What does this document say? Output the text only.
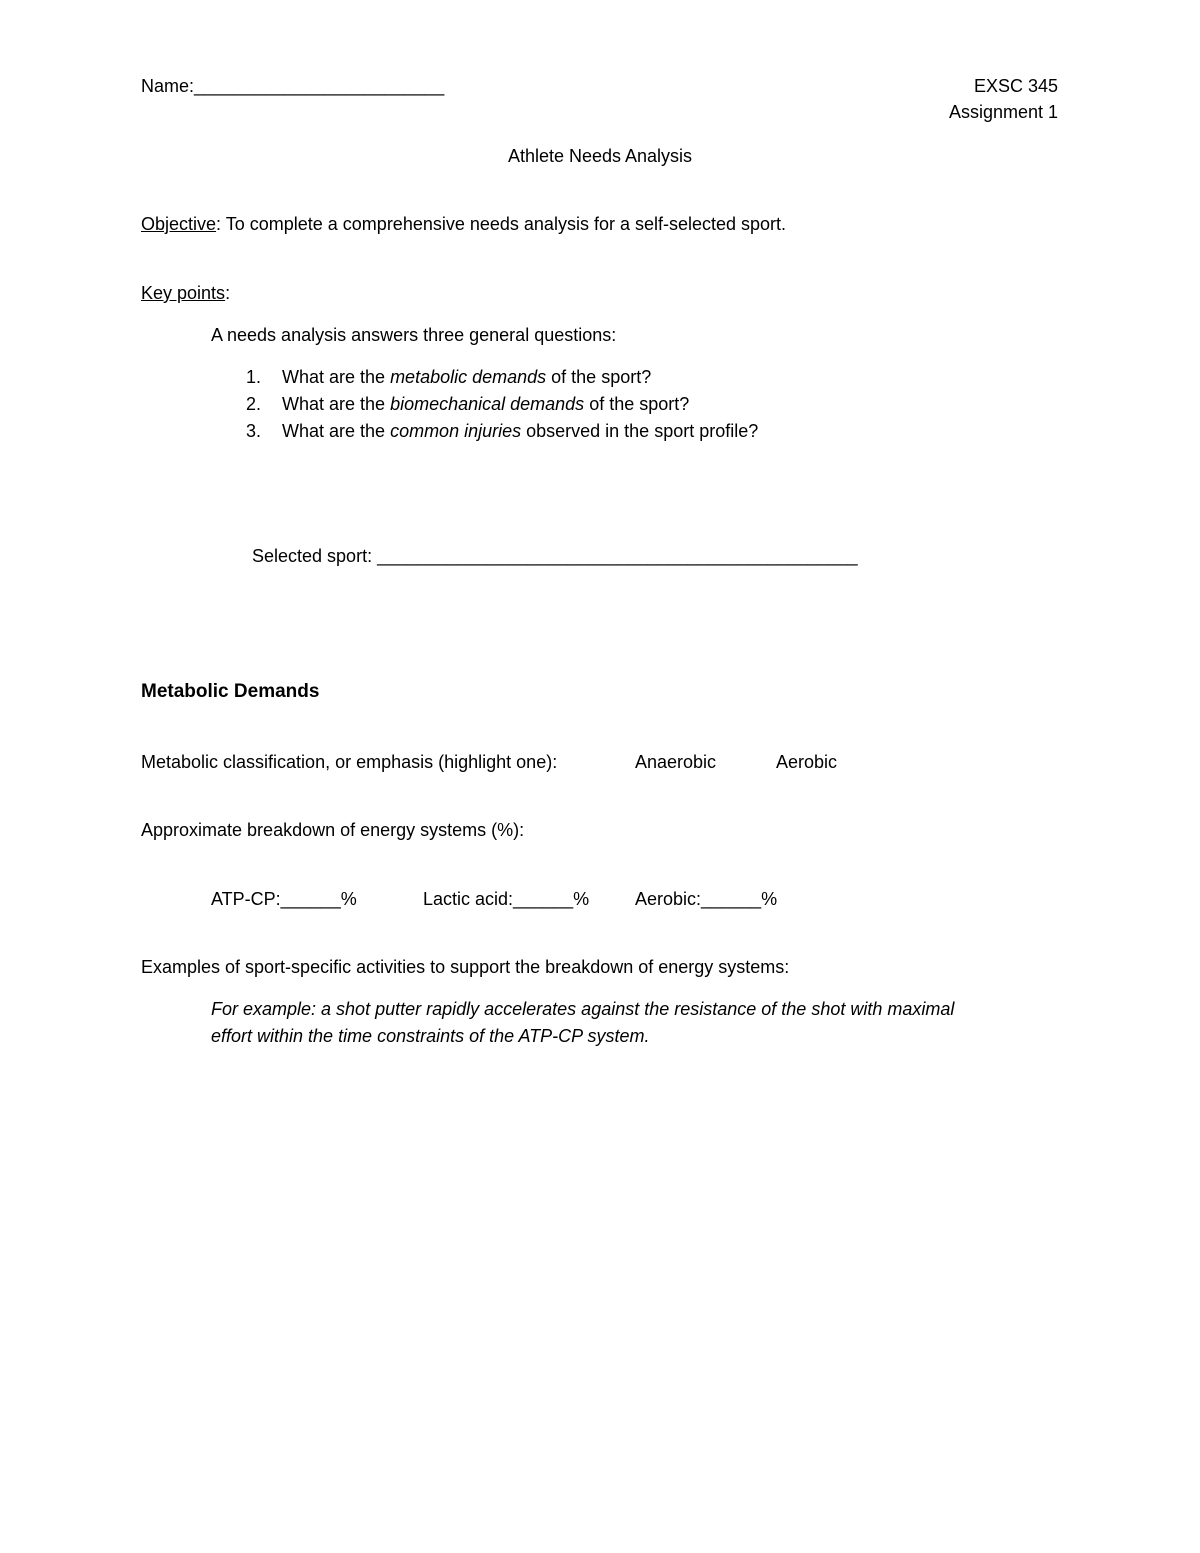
Name:_________________________	EXSC 345
Assignment 1
Athlete Needs Analysis
Objective: To complete a comprehensive needs analysis for a self-selected sport.
Key points:
A needs analysis answers three general questions:
1. What are the metabolic demands of the sport?
2. What are the biomechanical demands of the sport?
3. What are the common injuries observed in the sport profile?
Selected sport: ________________________________________________
Metabolic Demands
Metabolic classification, or emphasis (highlight one):	Anaerobic	Aerobic
Approximate breakdown of energy systems (%):
ATP-CP:______%	Lactic acid:______%	Aerobic:______%
Examples of sport-specific activities to support the breakdown of energy systems:
For example: a shot putter rapidly accelerates against the resistance of the shot with maximal
effort within the time constraints of the ATP-CP system.
